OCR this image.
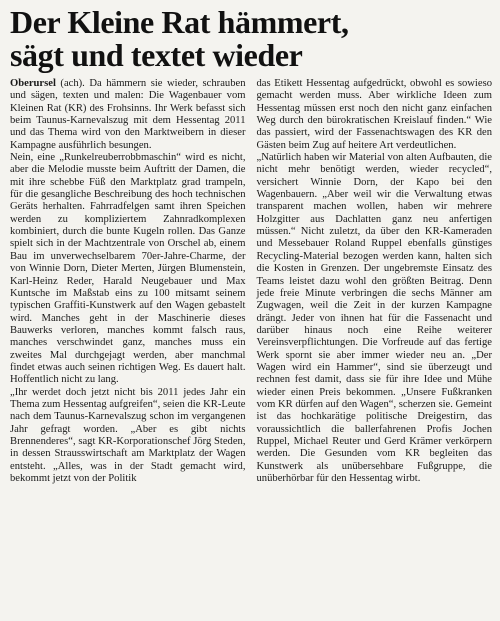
Der Kleine Rat hämmert,
sägt und textet wieder

Oberursel (ach). Da hämmern sie wieder, schrauben und sägen, texten und malen: Die Wagenbauer vom Kleinen Rat (KR) des Frohsinns. Ihr Werk befasst sich beim Taunus-Karnevalszug mit dem Hessentag 2011 und das Thema wird von den Marktweibern in dieser Kampagne ausführlich besungen.

Nein, eine „Runkelreuberrobbmaschin“ wird es nicht, aber die Melodie musste beim Auftritt der Damen, die mit ihre schebbe Füß den Marktplatz grad trampeln, für die gesangliche Beschreibung des hoch technischen Geräts herhalten. Fahrradfelgen samt ihren Speichen werden zu kompliziertem Zahnradkomplexen kombiniert, durch die bunte Kugeln rollen. Das Ganze spielt sich in der Machtzentrale von Orschel ab, einem Bau im unverwechselbarem 70er-Jahre-Charme, der von Winnie Dorn, Dieter Merten, Jürgen Blumenstein, Karl-Heinz Reder, Harald Neugebauer und Max Kuntsche im Maßstab eins zu 100 mitsamt seinem typischen Graffiti-Kunstwerk auf den Wagen gebastelt wird. Manches geht in der Maschinerie dieses Bauwerks verloren, manches kommt falsch raus, manches verschwindet ganz, manches muss ein zweites Mal durchgejagt werden, aber manchmal findet etwas auch seinen richtigen Weg. Es dauert halt. Hoffentlich nicht zu lang.

„Ihr werdet doch jetzt nicht bis 2011 jedes Jahr ein Thema zum Hessentag aufgreifen“, seien die KR-Leute nach dem Taunus-Karnevalszug schon im vergangenen Jahr gefragt worden. „Aber es gibt nichts Brennenderes“, sagt KR-Korporationschef Jörg Steden, in dessen Strausswirtschaft am Marktplatz der Wagen entsteht. „Alles, was in der Stadt gemacht wird, bekommt jetzt von der Politik

das Etikett Hessentag aufgedrückt, obwohl es sowieso gemacht werden muss. Aber wirkliche Ideen zum Hessentag müssen erst noch den nicht ganz einfachen Weg durch den bürokratischen Kreislauf finden.“ Wie das passiert, wird der Fassenachtswagen des KR den Gästen beim Zug auf heitere Art verdeutlichen.

„Natürlich haben wir Material von alten Aufbauten, die nicht mehr benötigt werden, wieder recycled“, versichert Winnie Dorn, der Kapo bei den Wagenbauern. „Aber weil wir die Verwaltung etwas transparent machen wollen, haben wir mehrere Holzgitter aus Dachlatten ganz neu anfertigen müssen.“ Nicht zuletzt, da über den KR-Kameraden und Messebauer Roland Ruppel ebenfalls günstiges Recycling-Material bezogen werden kann, halten sich die Kosten in Grenzen. Der ungebremste Einsatz des Teams leistet dazu wohl den größten Beitrag. Denn jede freie Minute verbringen die sechs Männer am Zugwagen, weil die Zeit in der kurzen Kampagne drängt. Jeder von ihnen hat für die Fassenacht und darüber hinaus noch eine Reihe weiterer Vereinsverpflichtungen. Die Vorfreude auf das fertige Werk spornt sie aber immer wieder neu an. „Der Wagen wird ein Hammer“, sind sie überzeugt und rechnen fest damit, dass sie für ihre Idee und Mühe wieder einen Preis bekommen. „Unsere Fußkranken vom KR dürfen auf den Wagen“, scherzen sie. Gemeint ist das hochkarätige politische Dreigestirn, das voraussichtlich die ballerfahrenen Profis Jochen Ruppel, Michael Reuter und Gerd Krämer verkörpern werden. Die Gesunden vom KR begleiten das Kunstwerk als unübersehbare Fußgruppe, die unüberhörbar für den Hessentag wirbt.
